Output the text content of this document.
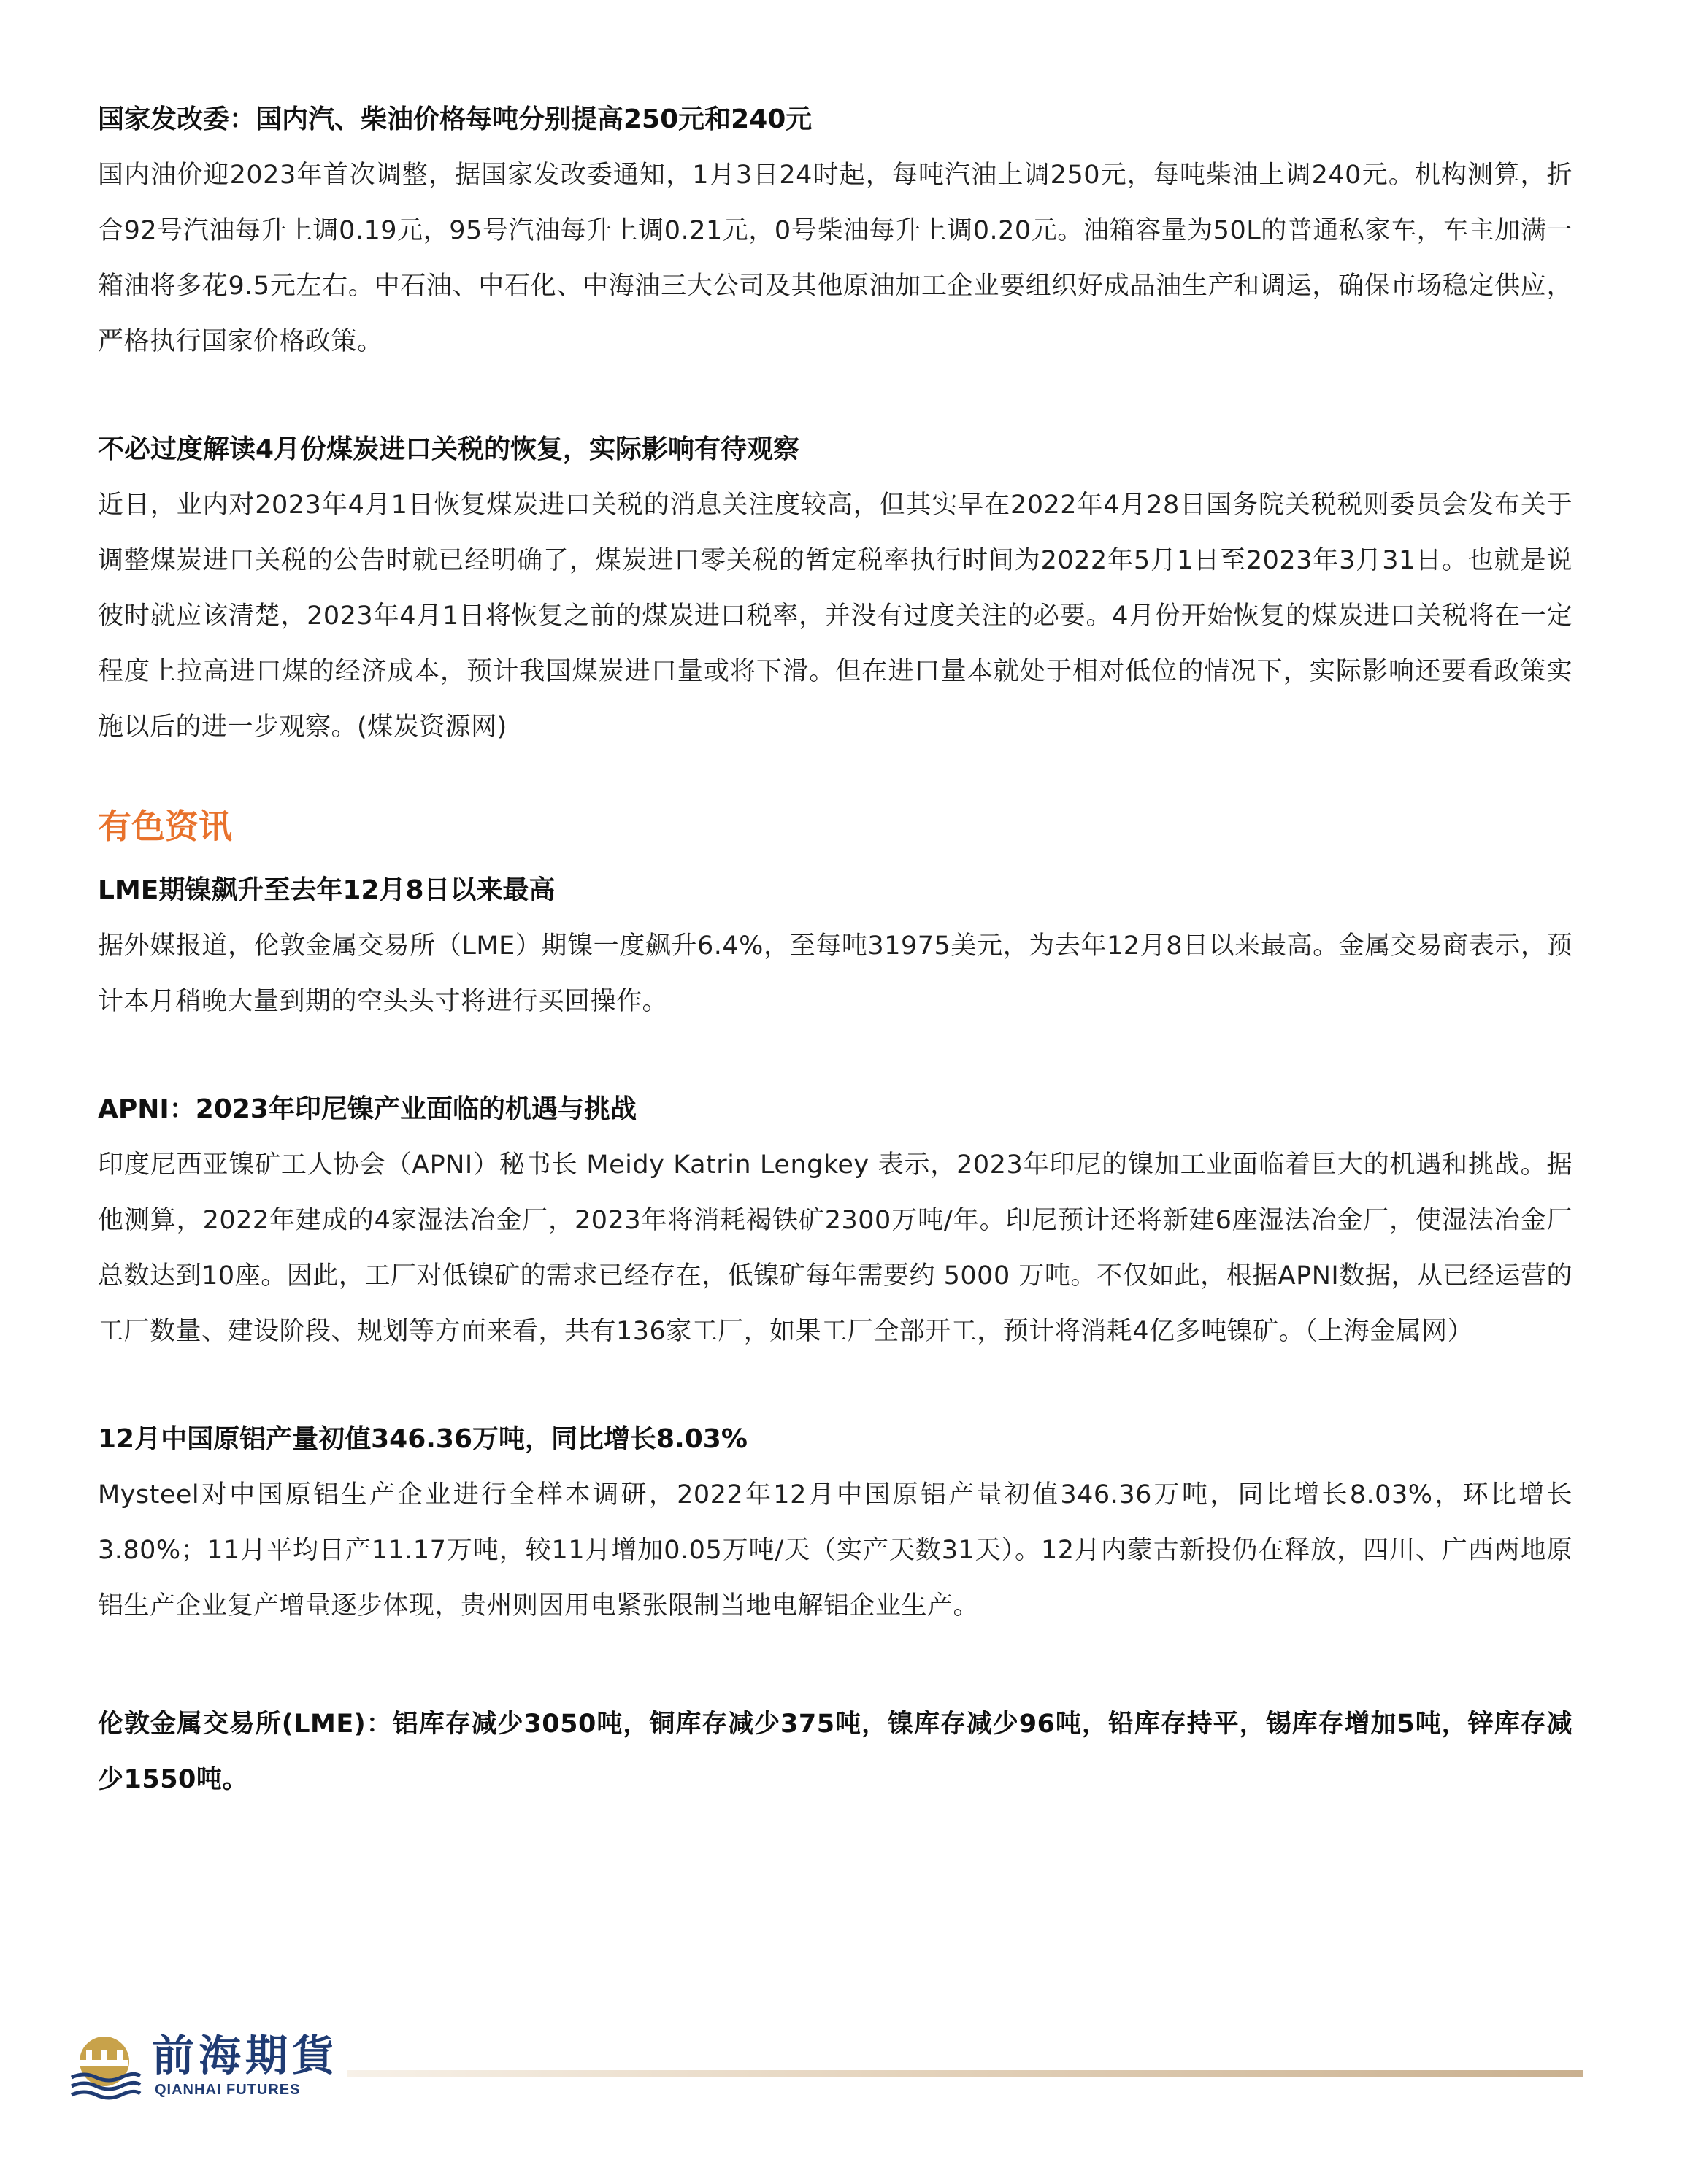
国家发改委：国内汽、柴油价格每吨分别提高250元和240元

国内油价迎2023年首次调整，据国家发改委通知，1月3日24时起，每吨汽油上调250元，每吨柴油上调240元。机构测算，折合92号汽油每升上调0.19元，95号汽油每升上调0.21元，0号柴油每升上调0.20元。油箱容量为50L的普通私家车，车主加满一箱油将多花9.5元左右。中石油、中石化、中海油三大公司及其他原油加工企业要组织好成品油生产和调运，确保市场稳定供应，严格执行国家价格政策。

不必过度解读4月份煤炭进口关税的恢复，实际影响有待观察

近日，业内对2023年4月1日恢复煤炭进口关税的消息关注度较高，但其实早在2022年4月28日国务院关税税则委员会发布关于调整煤炭进口关税的公告时就已经明确了，煤炭进口零关税的暂定税率执行时间为2022年5月1日至2023年3月31日。也就是说彼时就应该清楚，2023年4月1日将恢复之前的煤炭进口税率，并没有过度关注的必要。4月份开始恢复的煤炭进口关税将在一定程度上拉高进口煤的经济成本，预计我国煤炭进口量或将下滑。但在进口量本就处于相对低位的情况下，实际影响还要看政策实施以后的进一步观察。(煤炭资源网)

有色资讯
LME期镍飙升至去年12月8日以来最高

据外媒报道，伦敦金属交易所（LME）期镍一度飙升6.4%，至每吨31975美元，为去年12月8日以来最高。金属交易商表示，预计本月稍晚大量到期的空头头寸将进行买回操作。

APNI：2023年印尼镍产业面临的机遇与挑战

印度尼西亚镍矿工人协会（APNI）秘书长 Meidy Katrin Lengkey 表示，2023年印尼的镍加工业面临着巨大的机遇和挑战。据他测算，2022年建成的4家湿法冶金厂，2023年将消耗褐铁矿2300万吨/年。印尼预计还将新建6座湿法冶金厂，使湿法冶金厂总数达到10座。因此，工厂对低镍矿的需求已经存在，低镍矿每年需要约 5000 万吨。不仅如此，根据APNI数据，从已经运营的工厂数量、建设阶段、规划等方面来看，共有136家工厂，如果工厂全部开工，预计将消耗4亿多吨镍矿。（上海金属网）

12月中国原铝产量初值346.36万吨，同比增长8.03%

Mysteel对中国原铝生产企业进行全样本调研，2022年12月中国原铝产量初值346.36万吨，同比增长8.03%，环比增长3.80%；11月平均日产11.17万吨，较11月增加0.05万吨/天（实产天数31天）。12月内蒙古新投仍在释放，四川、广西两地原铝生产企业复产增量逐步体现，贵州则因用电紧张限制当地电解铝企业生产。

伦敦金属交易所(LME)：铝库存减少3050吨，铜库存减少375吨，镍库存减少96吨，铅库存持平，锡库存增加5吨，锌库存减少1550吨。

前海期貨
QIANHAI FUTURES
